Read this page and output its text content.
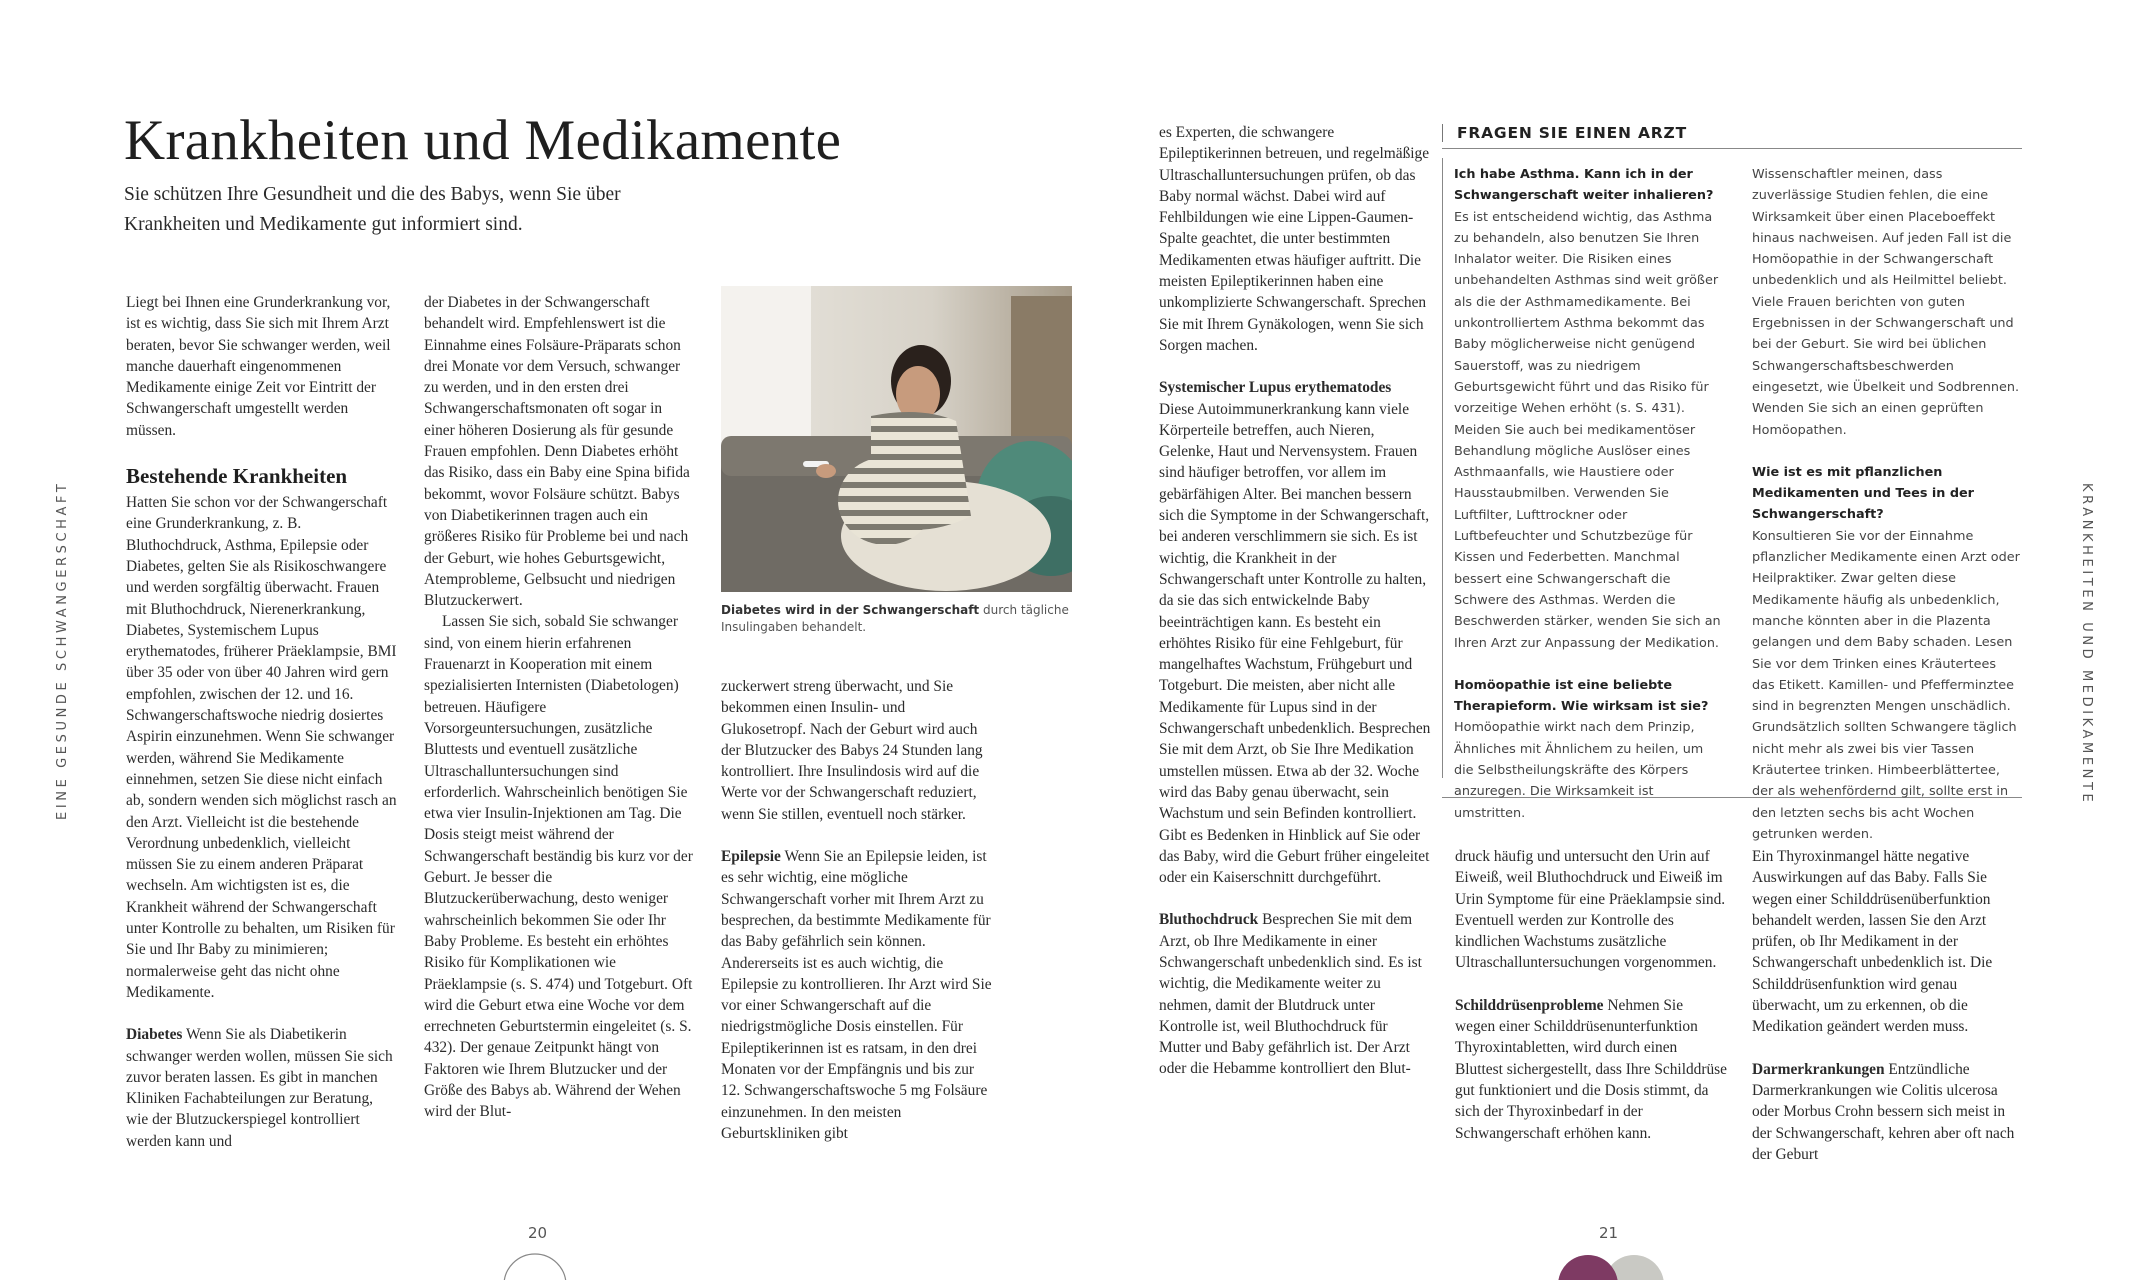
Krankheiten und Medikamente
Sie schützen Ihre Gesundheit und die des Babys, wenn Sie über Krankheiten und Medikamente gut informiert sind.
EINE GESUNDE SCHWANGERSCHAFT

Liegt bei Ihnen eine Grunderkrankung vor, ist es wichtig, dass Sie sich mit Ihrem Arzt beraten, bevor Sie schwanger werden, weil manche dauerhaft eingenommenen Medikamente einige Zeit vor Eintritt der Schwangerschaft umgestellt werden müssen.

Bestehende Krankheiten

Hatten Sie schon vor der Schwangerschaft eine Grunderkrankung, z. B. Bluthochdruck, Asthma, Epilepsie oder Diabetes, gelten Sie als Risikoschwangere und werden sorgfältig überwacht. Frauen mit Bluthochdruck, Nierenerkrankung, Diabetes, Systemischem Lupus erythematodes, früherer Präeklampsie, BMI über 35 oder von über 40 Jahren wird gern empfohlen, zwischen der 12. und 16. Schwangerschaftswoche niedrig dosiertes Aspirin einzunehmen. Wenn Sie schwanger werden, während Sie Medikamente einnehmen, setzen Sie diese nicht einfach ab, sondern wenden sich möglichst rasch an den Arzt. Vielleicht ist die bestehende Verordnung unbedenklich, vielleicht müssen Sie zu einem anderen Präparat wechseln. Am wichtigsten ist es, die Krankheit während der Schwangerschaft unter Kontrolle zu behalten, um Risiken für Sie und Ihr Baby zu minimieren; normalerweise geht das nicht ohne Medikamente.

Diabetes Wenn Sie als Diabetikerin schwanger werden wollen, müssen Sie sich zuvor beraten lassen. Es gibt in manchen Kliniken Fachabteilungen zur Beratung, wie der Blutzuckerspiegel kontrolliert werden kann und

der Diabetes in der Schwangerschaft behandelt wird. Empfehlenswert ist die Einnahme eines Folsäure-Präparats schon drei Monate vor dem Versuch, schwanger zu werden, und in den ersten drei Schwangerschaftsmonaten oft sogar in einer höheren Dosierung als für gesunde Frauen empfohlen. Denn Diabetes erhöht das Risiko, dass ein Baby eine Spina bifida bekommt, wovor Folsäure schützt. Babys von Diabetikerinnen tragen auch ein größeres Risiko für Probleme bei und nach der Geburt, wie hohes Geburtsgewicht, Atemprobleme, Gelbsucht und niedrigen Blutzuckerwert.

Lassen Sie sich, sobald Sie schwanger sind, von einem hierin erfahrenen Frauenarzt in Kooperation mit einem spezialisierten Internisten (Diabetologen) betreuen. Häufigere Vorsorgeuntersuchungen, zusätzliche Bluttests und eventuell zusätzliche Ultraschalluntersuchungen sind erforderlich. Wahrscheinlich benötigen Sie etwa vier Insulin-Injektionen am Tag. Die Dosis steigt meist während der Schwangerschaft beständig bis kurz vor der Geburt. Je besser die Blutzuckerüberwachung, desto weniger wahrscheinlich bekommen Sie oder Ihr Baby Probleme. Es besteht ein erhöhtes Risiko für Komplikationen wie Präeklampsie (s. S. 474) und Totgeburt. Oft wird die Geburt etwa eine Woche vor dem errechneten Geburtstermin eingeleitet (s. S. 432). Der genaue Zeitpunkt hängt von Faktoren wie Ihrem Blutzucker und der Größe des Babys ab. Während der Wehen wird der Blut-

Diabetes wird in der Schwangerschaft durch tägliche Insulingaben behandelt.

zuckerwert streng überwacht, und Sie bekommen einen Insulin- und Glukosetropf. Nach der Geburt wird auch der Blutzucker des Babys 24 Stunden lang kontrolliert. Ihre Insulindosis wird auf die Werte vor der Schwangerschaft reduziert, wenn Sie stillen, eventuell noch stärker.

Epilepsie Wenn Sie an Epilepsie leiden, ist es sehr wichtig, eine mögliche Schwangerschaft vorher mit Ihrem Arzt zu besprechen, da bestimmte Medikamente für das Baby gefährlich sein können. Andererseits ist es auch wichtig, die Epilepsie zu kontrollieren. Ihr Arzt wird Sie vor einer Schwangerschaft auf die niedrigstmögliche Dosis einstellen. Für Epileptikerinnen ist es ratsam, in den drei Monaten vor der Empfängnis und bis zur 12. Schwangerschaftswoche 5 mg Folsäure einzunehmen. In den meisten Geburtskliniken gibt

20

es Experten, die schwangere Epileptikerinnen betreuen, und regelmäßige Ultraschalluntersuchungen prüfen, ob das Baby normal wächst. Dabei wird auf Fehlbildungen wie eine Lippen-Gaumen-Spalte geachtet, die unter bestimmten Medikamenten etwas häufiger auftritt. Die meisten Epileptikerinnen haben eine unkomplizierte Schwangerschaft. Sprechen Sie mit Ihrem Gynäkologen, wenn Sie sich Sorgen machen.

Systemischer Lupus erythematodes

Diese Autoimmunerkrankung kann viele Körperteile betreffen, auch Nieren, Gelenke, Haut und Nervensystem. Frauen sind häufiger betroffen, vor allem im gebärfähigen Alter. Bei manchen bessern sich die Symptome in der Schwangerschaft, bei anderen verschlimmern sie sich. Es ist wichtig, die Krankheit in der Schwangerschaft unter Kontrolle zu halten, da sie das sich entwickelnde Baby beeinträchtigen kann. Es besteht ein erhöhtes Risiko für eine Fehlgeburt, für mangelhaftes Wachstum, Frühgeburt und Totgeburt. Die meisten, aber nicht alle Medikamente für Lupus sind in der Schwangerschaft unbedenklich. Besprechen Sie mit dem Arzt, ob Sie Ihre Medikation umstellen müssen. Etwa ab der 32. Woche wird das Baby genau überwacht, sein Wachstum und sein Befinden kontrolliert. Gibt es Bedenken in Hinblick auf Sie oder das Baby, wird die Geburt früher eingeleitet oder ein Kaiserschnitt durchgeführt.

Bluthochdruck Besprechen Sie mit dem Arzt, ob Ihre Medikamente in einer Schwangerschaft unbedenklich sind. Es ist wichtig, die Medikamente weiter zu nehmen, damit der Blutdruck unter Kontrolle ist, weil Bluthochdruck für Mutter und Baby gefährlich ist. Der Arzt oder die Hebamme kontrolliert den Blut-

FRAGEN SIE EINEN ARZT

Ich habe Asthma. Kann ich in der Schwangerschaft weiter inhalieren?

Es ist entscheidend wichtig, das Asthma zu behandeln, also benutzen Sie Ihren Inhalator weiter. Die Risiken eines unbehandelten Asthmas sind weit größer als die der Asthmamedikamente. Bei unkontrolliertem Asthma bekommt das Baby möglicherweise nicht genügend Sauerstoff, was zu niedrigem Geburtsgewicht führt und das Risiko für vorzeitige Wehen erhöht (s. S. 431). Meiden Sie auch bei medikamentöser Behandlung mögliche Auslöser eines Asthmaanfalls, wie Haustiere oder Hausstaubmilben. Verwenden Sie Luftfilter, Lufttrockner oder Luftbefeuchter und Schutzbezüge für Kissen und Federbetten. Manchmal bessert eine Schwangerschaft die Schwere des Asthmas. Werden die Beschwerden stärker, wenden Sie sich an Ihren Arzt zur Anpassung der Medikation.

Homöopathie ist eine beliebte Therapieform. Wie wirksam ist sie?

Homöopathie wirkt nach dem Prinzip, Ähnliches mit Ähnlichem zu heilen, um die Selbstheilungskräfte des Körpers anzuregen. Die Wirksamkeit ist umstritten.

Wissenschaftler meinen, dass zuverlässige Studien fehlen, die eine Wirksamkeit über einen Placeboeffekt hinaus nachweisen. Auf jeden Fall ist die Homöopathie in der Schwangerschaft unbedenklich und als Heilmittel beliebt. Viele Frauen berichten von guten Ergebnissen in der Schwangerschaft und bei der Geburt. Sie wird bei üblichen Schwangerschaftsbeschwerden eingesetzt, wie Übelkeit und Sodbrennen. Wenden Sie sich an einen geprüften Homöopathen.

Wie ist es mit pflanzlichen Medikamenten und Tees in der Schwangerschaft?

Konsultieren Sie vor der Einnahme pflanzlicher Medikamente einen Arzt oder Heilpraktiker. Zwar gelten diese Medikamente häufig als unbedenklich, manche könnten aber in die Plazenta gelangen und dem Baby schaden. Lesen Sie vor dem Trinken eines Kräutertees das Etikett. Kamillen- und Pfefferminztee sind in begrenzten Mengen unschädlich. Grundsätzlich sollten Schwangere täglich nicht mehr als zwei bis vier Tassen Kräutertee trinken. Himbeerblättertee, der als wehenfördernd gilt, sollte erst in den letzten sechs bis acht Wochen getrunken werden.

druck häufig und untersucht den Urin auf Eiweiß, weil Bluthochdruck und Eiweiß im Urin Symptome für eine Präeklampsie sind. Eventuell werden zur Kontrolle des kindlichen Wachstums zusätzliche Ultraschalluntersuchungen vorgenommen.

Schilddrüsenprobleme Nehmen Sie wegen einer Schilddrüsenunterfunktion Thyroxintabletten, wird durch einen Bluttest sichergestellt, dass Ihre Schilddrüse gut funktioniert und die Dosis stimmt, da sich der Thyroxinbedarf in der Schwangerschaft erhöhen kann.

Ein Thyroxinmangel hätte negative Auswirkungen auf das Baby. Falls Sie wegen einer Schilddrüsenüberfunktion behandelt werden, lassen Sie den Arzt prüfen, ob Ihr Medikament in der Schwangerschaft unbedenklich ist. Die Schilddrüsenfunktion wird genau überwacht, um zu erkennen, ob die Medikation geändert werden muss.

Darmerkrankungen Entzündliche Darmerkrankungen wie Colitis ulcerosa oder Morbus Crohn bessern sich meist in der Schwangerschaft, kehren aber oft nach der Geburt

KRANKHEITEN UND MEDIKAMENTE
21
